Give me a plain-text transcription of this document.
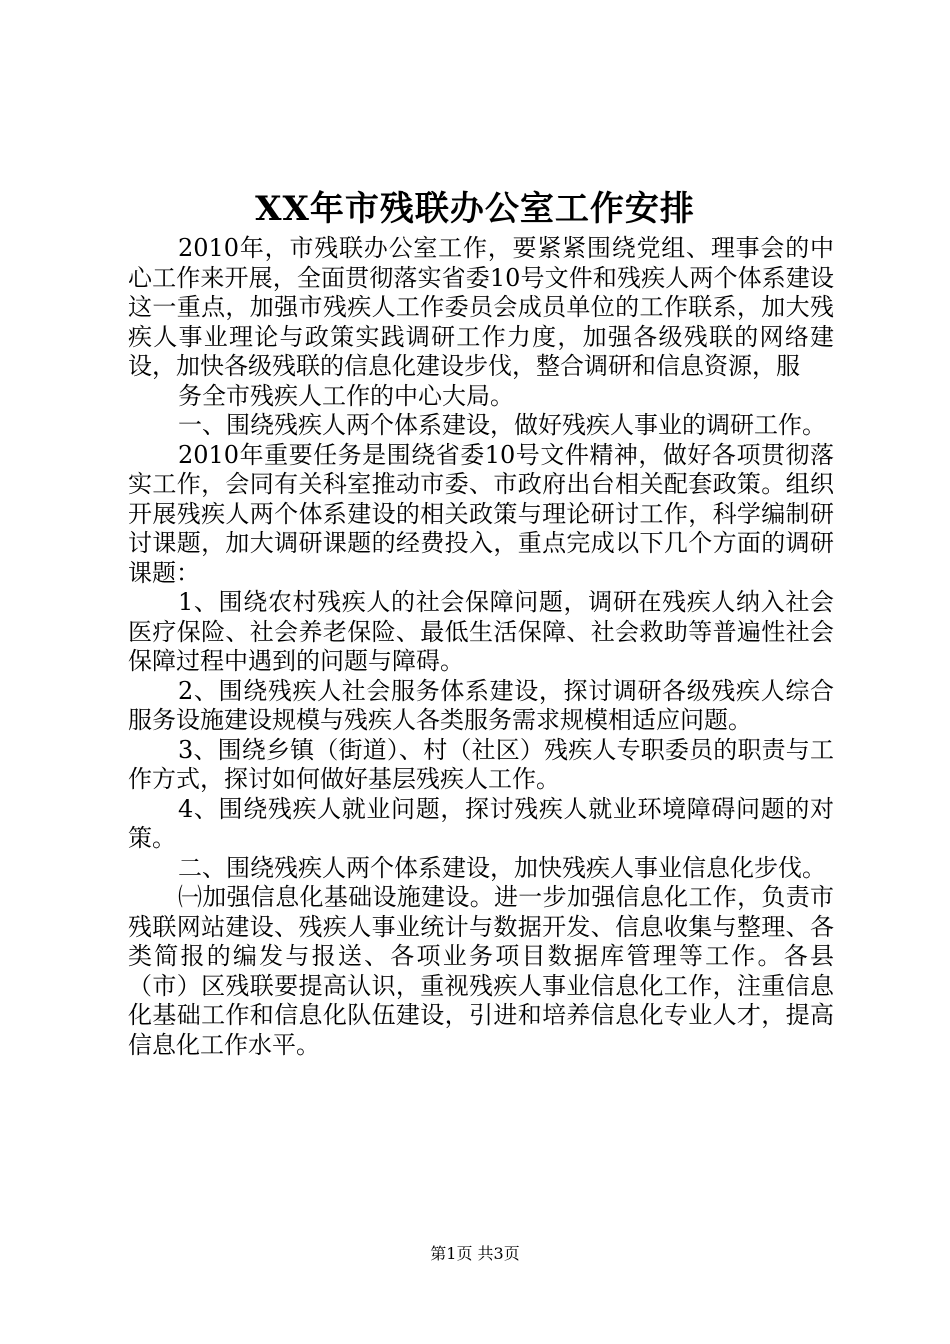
XX年市残联办公室工作安排

2010年，市残联办公室工作，要紧紧围绕党组、理事会的中心工作来开展，全面贯彻落实省委10号文件和残疾人两个体系建设这一重点，加强市残疾人工作委员会成员单位的工作联系，加大残疾人事业理论与政策实践调研工作力度，加强各级残联的网络建设，加快各级残联的信息化建设步伐，整合调研和信息资源，服

务全市残疾人工作的中心大局。

一、围绕残疾人两个体系建设，做好残疾人事业的调研工作。

2010年重要任务是围绕省委10号文件精神，做好各项贯彻落实工作，会同有关科室推动市委、市政府出台相关配套政策。组织开展残疾人两个体系建设的相关政策与理论研讨工作，科学编制研讨课题，加大调研课题的经费投入，重点完成以下几个方面的调研课题：

1、围绕农村残疾人的社会保障问题，调研在残疾人纳入社会医疗保险、社会养老保险、最低生活保障、社会救助等普遍性社会保障过程中遇到的问题与障碍。

2、围绕残疾人社会服务体系建设，探讨调研各级残疾人综合服务设施建设规模与残疾人各类服务需求规模相适应问题。

3、围绕乡镇（街道）、村（社区）残疾人专职委员的职责与工作方式，探讨如何做好基层残疾人工作。

4、围绕残疾人就业问题，探讨残疾人就业环境障碍问题的对策。

二、围绕残疾人两个体系建设，加快残疾人事业信息化步伐。

㈠加强信息化基础设施建设。进一步加强信息化工作，负责市残联网站建设、残疾人事业统计与数据开发、信息收集与整理、各类简报的编发与报送、各项业务项目数据库管理等工作。各县（市）区残联要提高认识，重视残疾人事业信息化工作，注重信息化基础工作和信息化队伍建设，引进和培养信息化专业人才，提高信息化工作水平。

第1页 共3页
